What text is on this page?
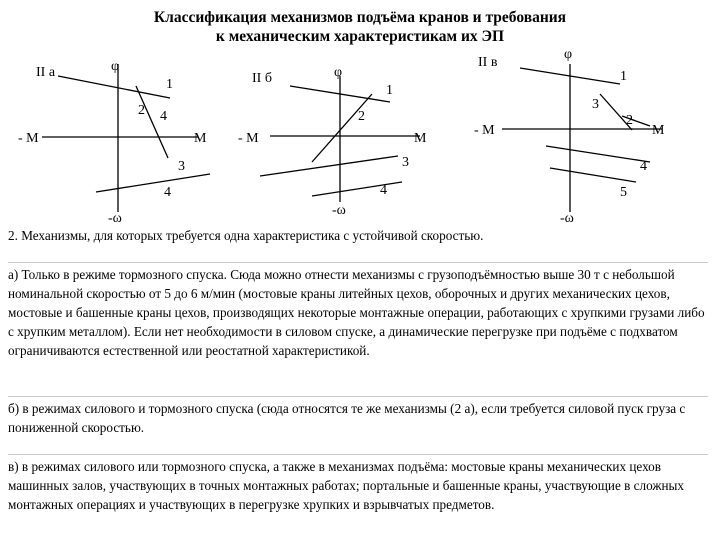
Классификация механизмов подъёма кранов и требования
к механическим характеристикам их ЭП
II а	φ
-ω
- M	M
1
2 4
3
4
II б	φ
-ω
- M	M
1
2
3
4
II в
φ
-ω
- M	M
1
3
2
4
5
2. Механизмы, для которых требуется одна характеристика с устойчивой скоростью.
а) Только в режиме тормозного спуска. Сюда можно отнести механизмы с грузоподъёмностью выше 30 т с небольшой номинальной скоростью от 5 до 6 м/мин (мостовые краны литейных цехов, оборочных и других механических цехов, мостовые и башенные краны цехов, производящих некоторые монтажные операции, работающих с хрупкими грузами либо с хрупким металлом). Если нет необходимости в силовом спуске, а динамические перегрузке при подъёме с подхватом ограничиваются естественной или реостатной характеристикой.
б) в режимах силового и тормозного спуска (сюда относятся те же механизмы (2 а), если требуется силовой пуск груза с пониженной скоростью.
в) в режимах силового или тормозного спуска, а также в механизмах подъёма: мостовые краны механических цехов машинных залов, участвующих в точных монтажных работах; портальные и башенные краны, участвующие в сложных монтажных операциях и участвующих в перегрузке хрупких и взрывчатых предметов.
